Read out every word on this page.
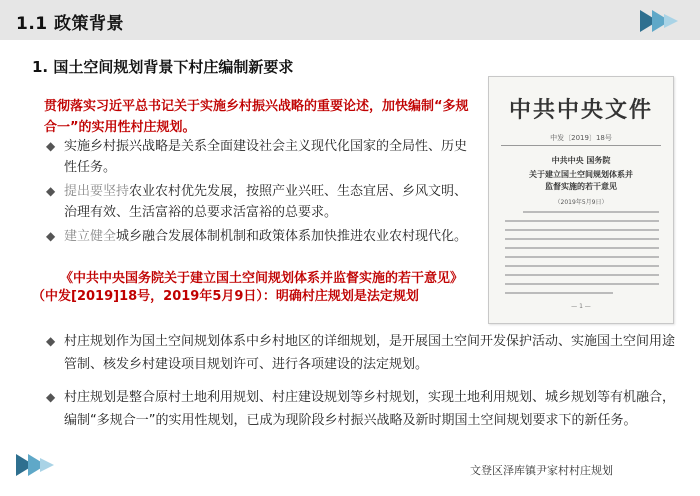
1.1 政策背景
1. 国土空间规划背景下村庄编制新要求
贯彻落实习近平总书记关于实施乡村振兴战略的重要论述，加快编制“多规合一”的实用性村庄规划。
◆ 实施乡村振兴战略是关系全面建设社会主义现代化国家的全局性、历史性任务。
◆ 提出要坚持农业农村优先发展，按照产业兴旺、生态宜居、乡风文明、治理有效、生活富裕的总要求活富裕的总要求。
◆ 建立健全城乡融合发展体制机制和政策体系加快推进农业农村现代化。
《中共中央国务院关于建立国土空间规划体系并监督实施的若干意见》（中发[2019]18号，2019年5月9日）：明确村庄规划是法定规划
◆ 村庄规划作为国土空间规划体系中乡村地区的详细规划，是开展国土空间开发保护活动、实施国土空间用途管制、核发乡村建设项目规划许可、进行各项建设的法定规划。
◆ 村庄规划是整合原村土地利用规划、村庄建设规划等乡村规划，实现土地利用规划、城乡规划等有机融合，编制“多规合一”的实用性规划，已成为现阶段乡村振兴战略及新时期国土空间规划要求下的新任务。
中共中央文件
中发〔2019〕18号
中共中央 国务院
关于建立国土空间规划体系并
监督实施的若干意见
（2019年5月9日）
— 1 —
文登区泽库镇尹家村村庄规划
